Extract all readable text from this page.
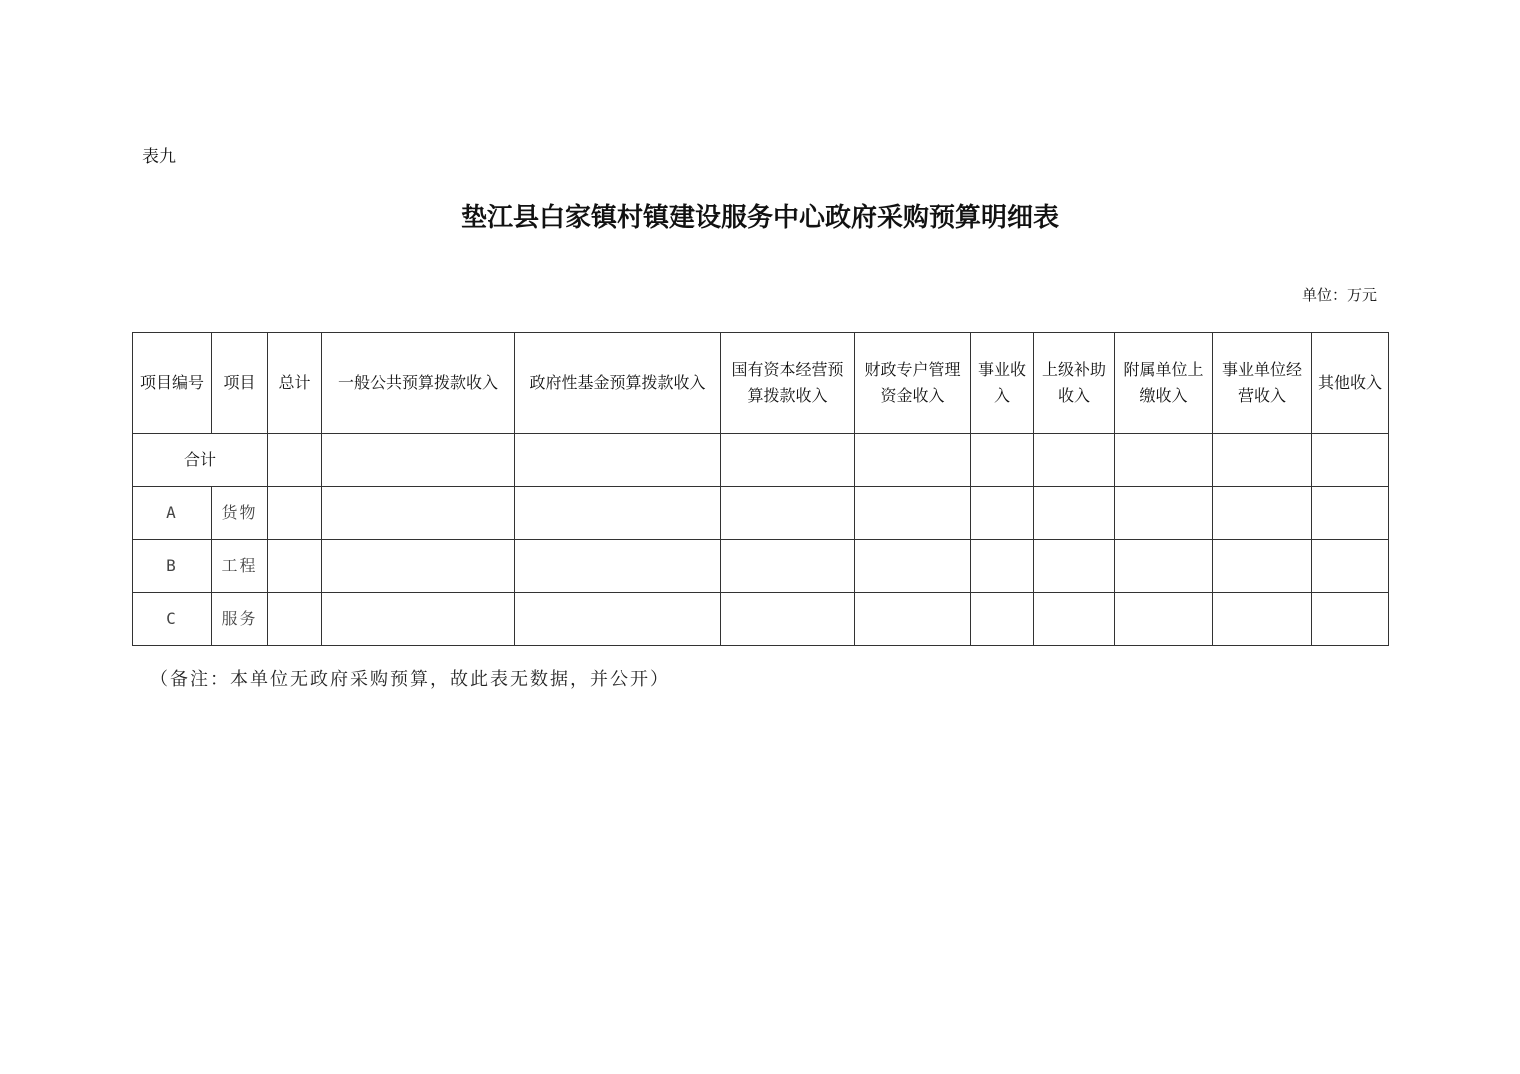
表九
垫江县白家镇村镇建设服务中心政府采购预算明细表
单位：万元
项目编号	项目	总计	一般公共预算拨款收入	政府性基金预算拨款收入	国有资本经营预算拨款收入	财政专户管理资金收入	事业收入	上级补助收入	附属单位上缴收入	事业单位经营收入	其他收入
合计											
A	货物										
B	工程										
C	服务										
（备注：本单位无政府采购预算，故此表无数据，并公开）
